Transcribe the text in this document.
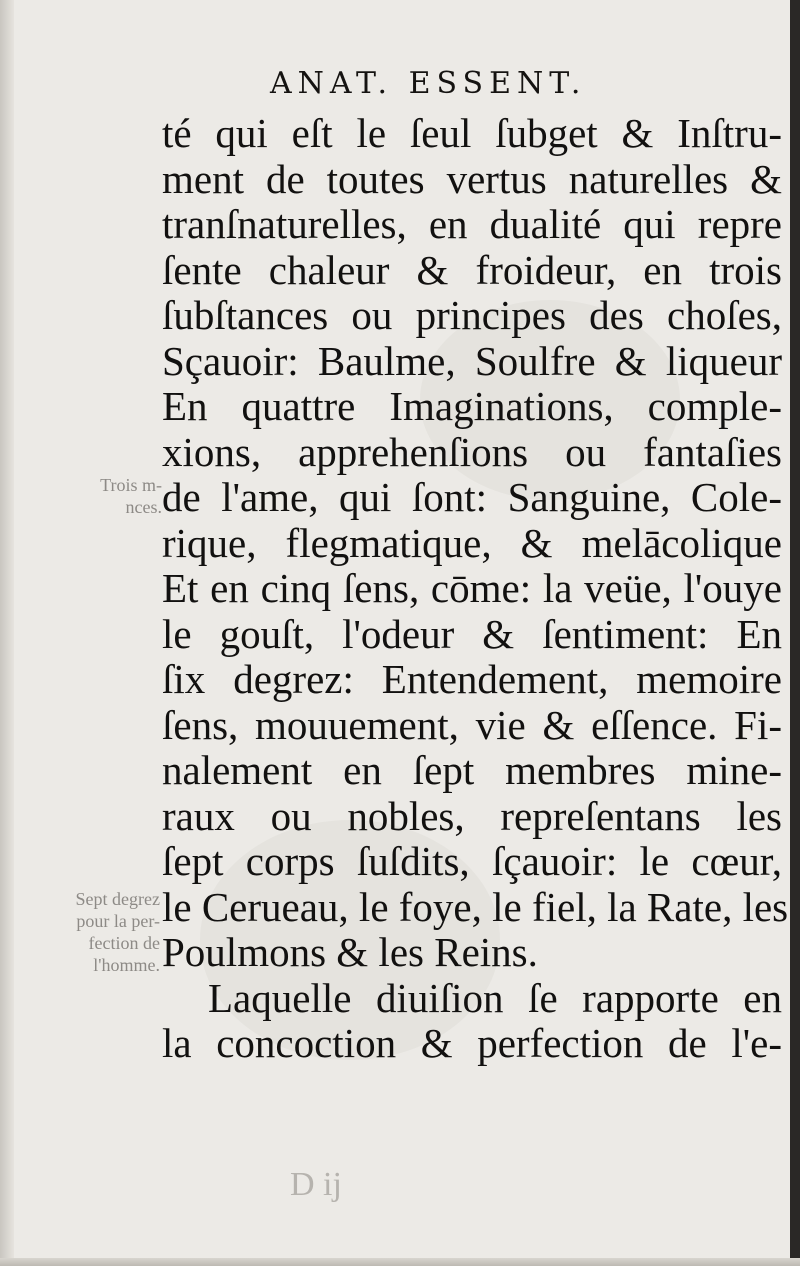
ANAT. ESSENT.
Trois m-
nces.
Sept degrez
pour la per-
fection de
l'homme.
té qui eſt le ſeul ſubget & Inſtru-
ment de toutes vertus naturelles &
tranſnaturelles, en dualité qui repre
ſente chaleur & froideur, en trois
ſubſtances ou principes des choſes,
Sçauoir: Baulme, Soulfre & liqueur
En quattre Imaginations, comple-
xions, apprehenſions ou fantaſies
de l'ame, qui ſont: Sanguine, Cole-
rique, flegmatique, & melācolique
Et en cinq ſens, cōme: la veüe, l'ouye
le gouſt, l'odeur & ſentiment: En
ſix degrez: Entendement, memoire
ſens, mouuement, vie & eſſence. Fi-
nalement en ſept membres mine-
raux ou nobles, repreſentans les
ſept corps ſuſdits, ſçauoir: le cœur,
le Cerueau, le foye, le fiel, la Rate, les
Poulmons & les Reins.
Laquelle diuiſion ſe rapporte en
la concoction & perfection de l'e-
D ij
